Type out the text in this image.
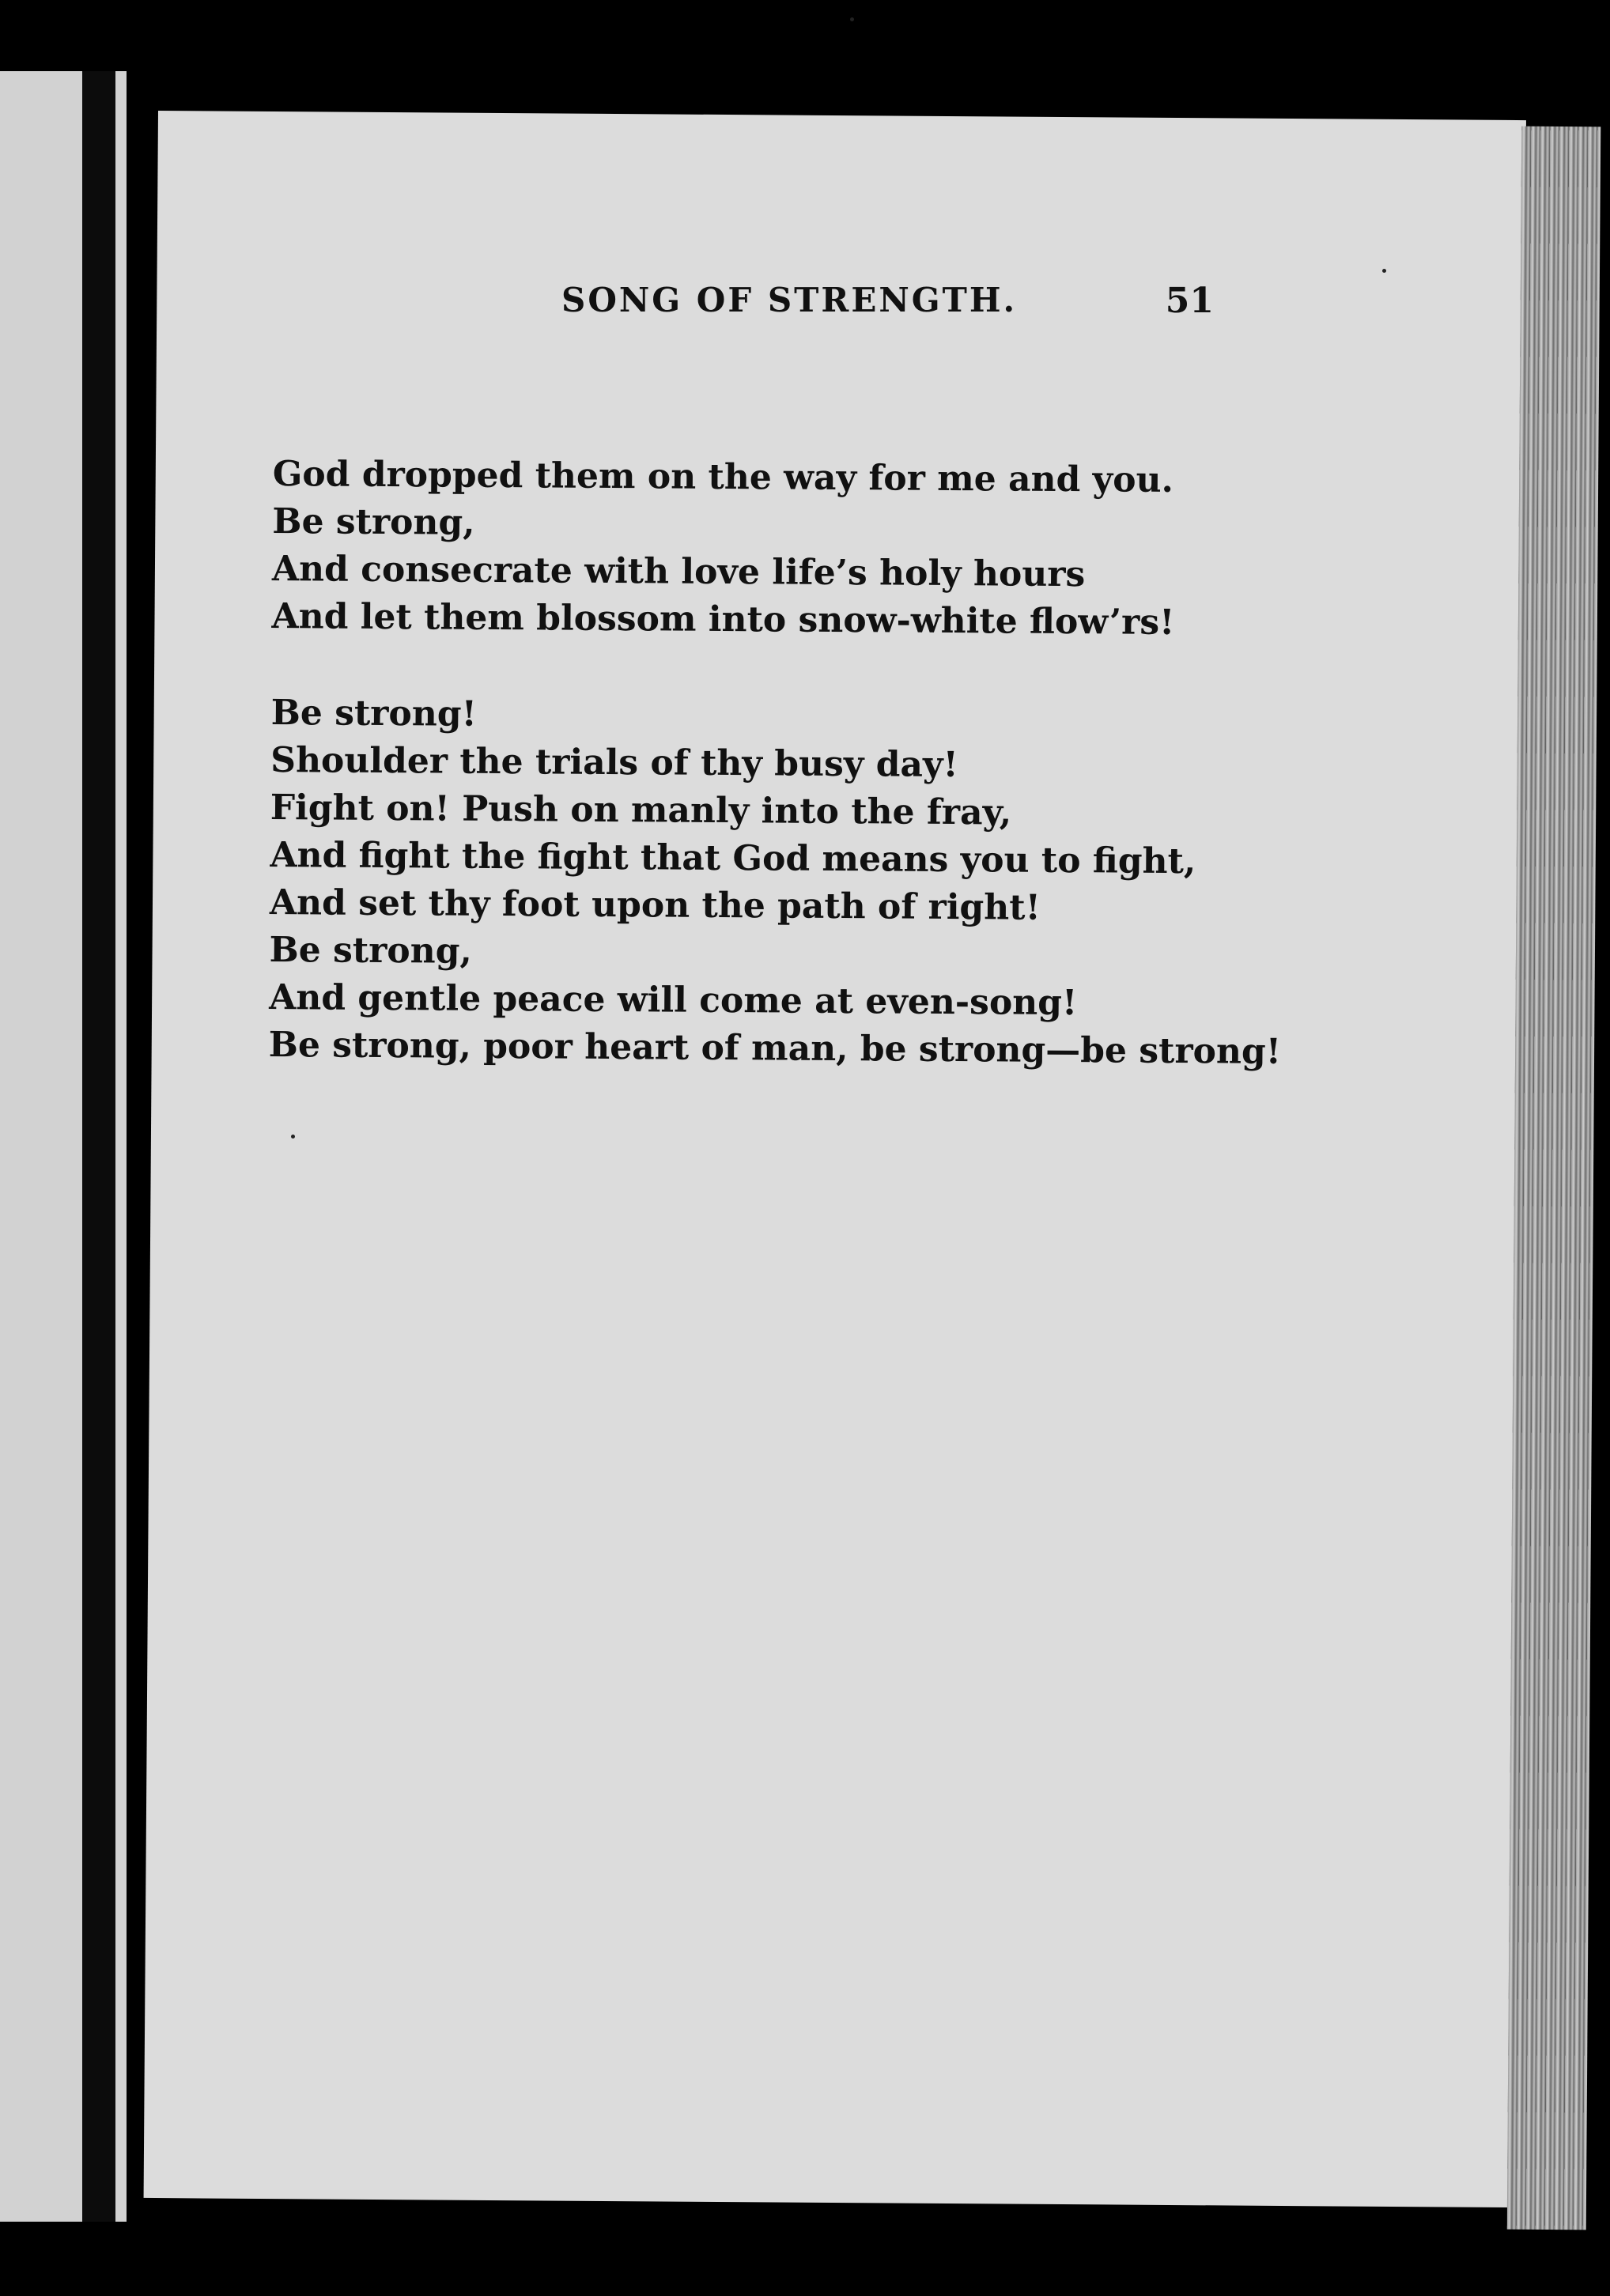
SONG OF STRENGTH.	51
God dropped them on the way for me and you.
Be strong,
And consecrate with love life’s holy hours
And let them blossom into snow-white flow’rs!
Be strong!
Shoulder the trials of thy busy day!
Fight on! Push on manly into the fray,
And fight the fight that God means you to fight,
And set thy foot upon the path of right!
Be strong,
And gentle peace will come at even-song!
Be strong, poor heart of man, be strong—be strong!
